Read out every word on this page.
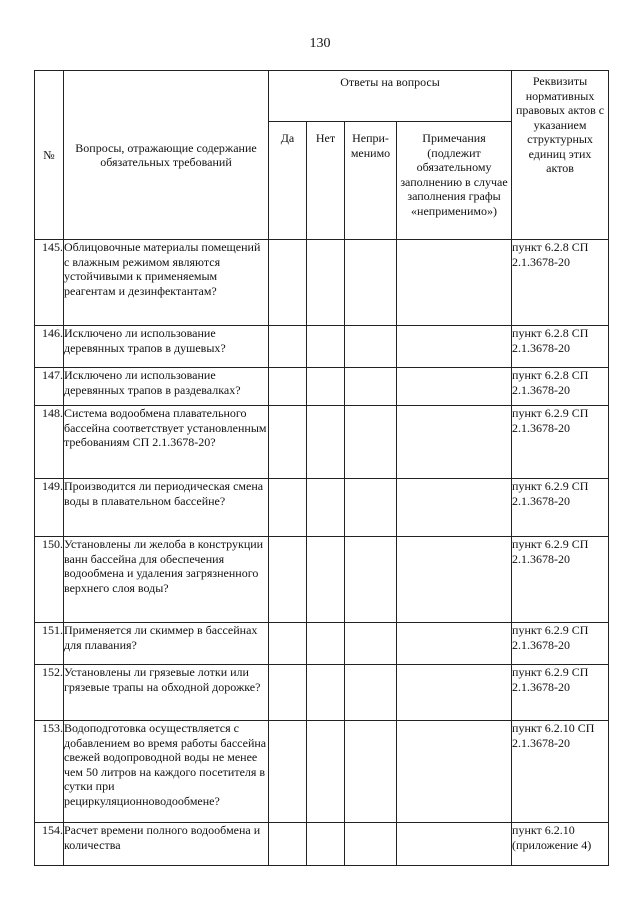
130
№	Вопросы, отражающие содержание обязательных требований	Ответы на вопросы				Реквизиты нормативных правовых актов с указанием структурных единиц этих актов

		Да	Нет	Непри-менимо	Примечания (подлежит обязательному заполнению в случае заполнения графы «неприменимо»)	

145.	Облицовочные материалы помещений с влажным режимом являются устойчивыми к применяемым реагентам и дезинфектантам?					пункт 6.2.8 СП 2.1.3678-20
146.	Исключено ли использование деревянных трапов в душевых?					пункт 6.2.8 СП 2.1.3678-20
147.	Исключено ли использование деревянных трапов в раздевалках?					пункт 6.2.8 СП 2.1.3678-20
148.	Система водообмена плавательного бассейна соответствует установленным требованиям СП 2.1.3678-20?					пункт 6.2.9 СП 2.1.3678-20
149.	Производится ли периодическая смена воды в плавательном бассейне?					пункт 6.2.9 СП 2.1.3678-20
150.	Установлены ли желоба в конструкции ванн бассейна для обеспечения водообмена и удаления загрязненного верхнего слоя воды?					пункт 6.2.9 СП 2.1.3678-20
151.	Применяется ли скиммер в бассейнах для плавания?					пункт 6.2.9 СП 2.1.3678-20
152.	Установлены ли грязевые лотки или грязевые трапы на обходной дорожке?					пункт 6.2.9 СП 2.1.3678-20
153.	Водоподготовка осуществляется с добавлением во время работы бассейна свежей водопроводной воды не менее чем 50 литров на каждого посетителя в сутки при рециркуляционноводообмене?					пункт 6.2.10 СП 2.1.3678-20
154.	Расчет времени полного водообмена и количества					пункт 6.2.10 (приложение 4)
